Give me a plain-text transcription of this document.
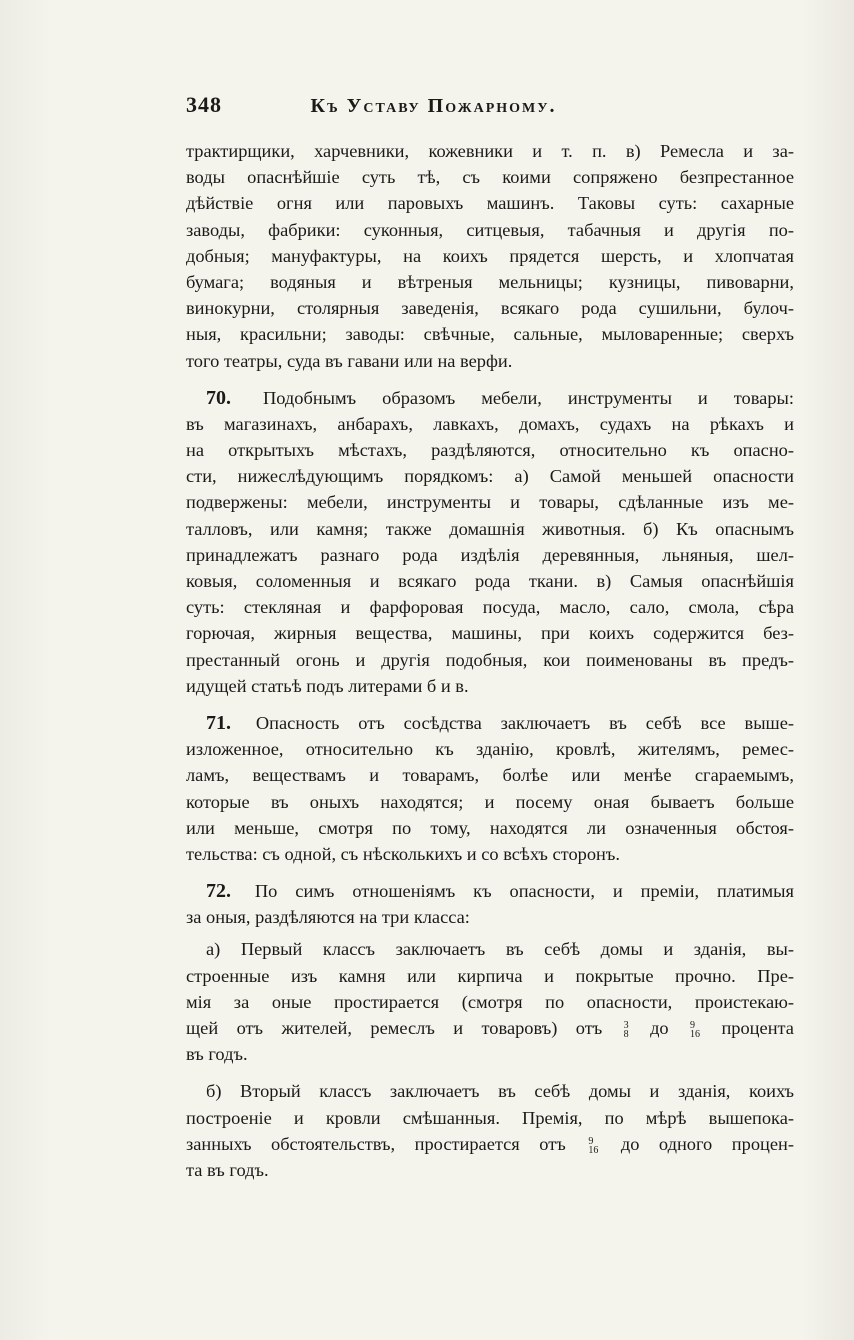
348	Къ Уставу Пожарному.
трактирщики, харчевники, кожевники и т. п. в) Ремесла и за-
воды опаснѣйшіе суть тѣ, съ коими сопряжено безпрестанное
дѣйствіе огня или паровыхъ машинъ. Таковы суть: сахарные
заводы, фабрики: суконныя, ситцевыя, табачныя и другія по-
добныя; мануфактуры, на коихъ прядется шерсть, и хлопчатая
бумага; водяныя и вѣтреныя мельницы; кузницы, пивоварни,
винокурни, столярныя заведенія, всякаго рода сушильни, булоч-
ныя, красильни; заводы: свѣчные, сальные, мыловаренные; сверхъ
того театры, суда въ гавани или на верфи.
70. Подобнымъ образомъ мебели, инструменты и товары:
въ магазинахъ, анбарахъ, лавкахъ, домахъ, судахъ на рѣкахъ и
на открытыхъ мѣстахъ, раздѣляются, относительно къ опасно-
сти, нижеслѣдующимъ порядкомъ: а) Самой меньшей опасности
подвержены: мебели, инструменты и товары, сдѣланные изъ ме-
талловъ, или камня; также домашнія животныя. б) Къ опаснымъ
принадлежатъ разнаго рода издѣлія деревянныя, льняныя, шел-
ковыя, соломенныя и всякаго рода ткани. в) Самыя опаснѣйшія
суть: стекляная и фарфоровая посуда, масло, сало, смола, сѣра
горючая, жирныя вещества, машины, при коихъ содержится без-
престанный огонь и другія подобныя, кои поименованы въ предъ-
идущей статьѣ подъ литерами б и в.
71. Опасность отъ сосѣдства заключаетъ въ себѣ все выше-
изложенное, относительно къ зданію, кровлѣ, жителямъ, ремес-
ламъ, веществамъ и товарамъ, болѣе или менѣе сгараемымъ,
которые въ оныхъ находятся; и посему оная бываетъ больше
или меньше, смотря по тому, находятся ли означенныя обстоя-
тельства: съ одной, съ нѣсколькихъ и со всѣхъ сторонъ.
72. По симъ отношеніямъ къ опасности, и преміи, платимыя
за оныя, раздѣляются на три класса:
а) Первый классъ заключаетъ въ себѣ домы и зданія, вы-
строенные изъ камня или кирпича и покрытые прочно. Пре-
мія за оные простирается (смотря по опасности, проистекаю-
щей отъ жителей, ремеслъ и товаровъ) отъ 3
8 до 9
16 процента
въ годъ.
б) Вторый классъ заключаетъ въ себѣ домы и зданія, коихъ
построеніе и кровли смѣшанныя. Премія, по мѣрѣ вышепока-
занныхъ обстоятельствъ, простирается отъ 9
16 до одного процен-
та въ годъ.
